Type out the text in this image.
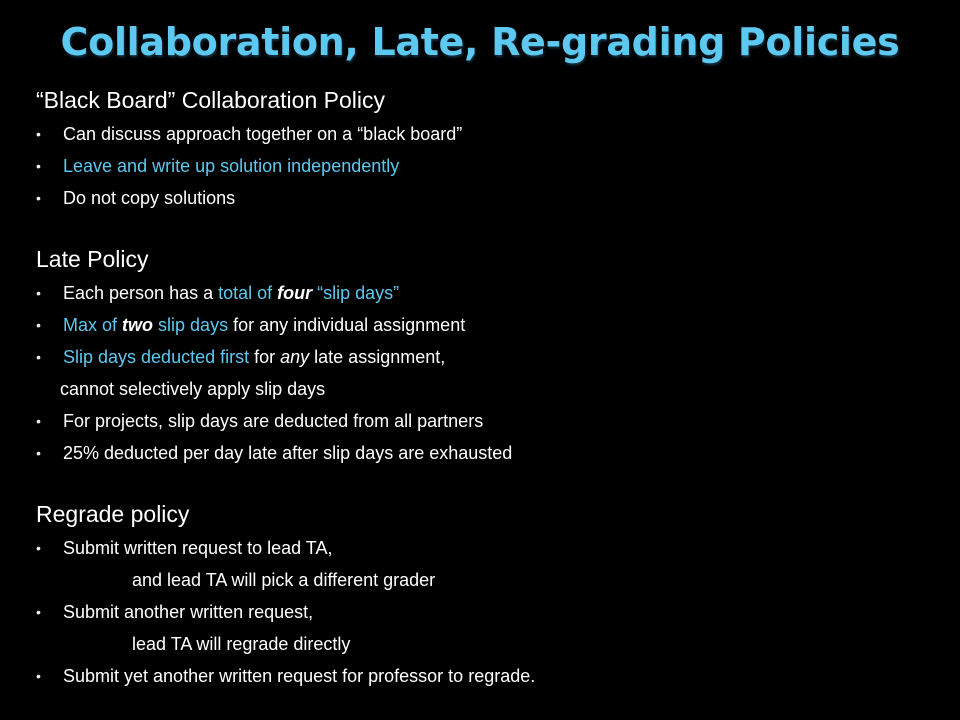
Collaboration, Late, Re-grading Policies
“Black Board” Collaboration Policy
• Can discuss approach together on a “black board”
• Leave and write up solution independently
• Do not copy solutions
Late Policy
• Each person has a total of four “slip days”
• Max of two slip days for any individual assignment
• Slip days deducted first for any late assignment,
cannot selectively apply slip days
• For projects, slip days are deducted from all partners
• 25% deducted per day late after slip days are exhausted
Regrade policy
• Submit written request to lead TA,
and lead TA will pick a different grader
• Submit another written request,
lead TA will regrade directly
• Submit yet another written request for professor to regrade.
